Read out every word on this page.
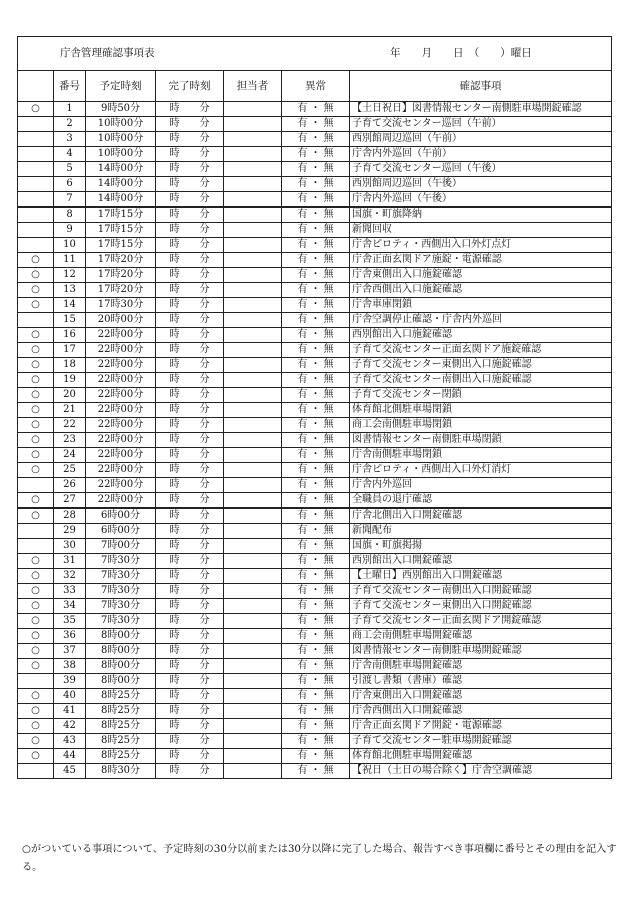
庁舎管理確認事項表 年　　月　　日　（　　）曜日						

	番号	予定時刻	完了時刻	担当者	異常	確認事項
○	1	9時50分	時　　分		有 ・ 無	【土日祝日】図書情報センター南側駐車場開錠確認
	2	10時00分	時　　分		有 ・ 無	子育て交流センター巡回（午前）
	3	10時00分	時　　分		有 ・ 無	西別館周辺巡回（午前）
	4	10時00分	時　　分		有 ・ 無	庁舎内外巡回（午前）
	5	14時00分	時　　分		有 ・ 無	子育て交流センター巡回（午後）
	6	14時00分	時　　分		有 ・ 無	西別館周辺巡回（午後）
	7	14時00分	時　　分		有 ・ 無	庁舎内外巡回（午後）
	8	17時15分	時　　分		有 ・ 無	国旗・町旗降納
	9	17時15分	時　　分		有 ・ 無	新聞回収
	10	17時15分	時　　分		有 ・ 無	庁舎ピロティ・西側出入口外灯点灯
○	11	17時20分	時　　分		有 ・ 無	庁舎正面玄関ドア施錠・電源確認
○	12	17時20分	時　　分		有 ・ 無	庁舎東側出入口施錠確認
○	13	17時20分	時　　分		有 ・ 無	庁舎西側出入口施錠確認
○	14	17時30分	時　　分		有 ・ 無	庁舎車庫閉鎖
	15	20時00分	時　　分		有 ・ 無	庁舎空調停止確認・庁舎内外巡回
○	16	22時00分	時　　分		有 ・ 無	西別館出入口施錠確認
○	17	22時00分	時　　分		有 ・ 無	子育て交流センター正面玄関ドア施錠確認
○	18	22時00分	時　　分		有 ・ 無	子育て交流センター東側出入口施錠確認
○	19	22時00分	時　　分		有 ・ 無	子育て交流センター南側出入口施錠確認
○	20	22時00分	時　　分		有 ・ 無	子育て交流センター閉鎖
○	21	22時00分	時　　分		有 ・ 無	体育館北側駐車場閉鎖
○	22	22時00分	時　　分		有 ・ 無	商工会南側駐車場閉鎖
○	23	22時00分	時　　分		有 ・ 無	図書情報センター南側駐車場閉鎖
○	24	22時00分	時　　分		有 ・ 無	庁舎南側駐車場閉鎖
○	25	22時00分	時　　分		有 ・ 無	庁舎ピロティ・西側出入口外灯消灯
	26	22時00分	時　　分		有 ・ 無	庁舎内外巡回
○	27	22時00分	時　　分		有 ・ 無	全職員の退庁確認
○	28	6時00分	時　　分		有 ・ 無	庁舎北側出入口開錠確認
	29	6時00分	時　　分		有 ・ 無	新聞配布
	30	7時00分	時　　分		有 ・ 無	国旗・町旗掲揚
○	31	7時30分	時　　分		有 ・ 無	西別館出入口開錠確認
○	32	7時30分	時　　分		有 ・ 無	【土曜日】西別館出入口開錠確認
○	33	7時30分	時　　分		有 ・ 無	子育て交流センター南側出入口開錠確認
○	34	7時30分	時　　分		有 ・ 無	子育て交流センター東側出入口開錠確認
○	35	7時30分	時　　分		有 ・ 無	子育て交流センター正面玄関ドア開錠確認
○	36	8時00分	時　　分		有 ・ 無	商工会南側駐車場開錠確認
○	37	8時00分	時　　分		有 ・ 無	図書情報センター南側駐車場開錠確認
○	38	8時00分	時　　分		有 ・ 無	庁舎南側駐車場開錠確認
	39	8時00分	時　　分		有 ・ 無	引渡し書類（書庫）確認
○	40	8時25分	時　　分		有 ・ 無	庁舎東側出入口開錠確認
○	41	8時25分	時　　分		有 ・ 無	庁舎西側出入口開錠確認
○	42	8時25分	時　　分		有 ・ 無	庁舎正面玄関ドア開錠・電源確認
○	43	8時25分	時　　分		有 ・ 無	子育て交流センター駐車場開錠確認
○	44	8時25分	時　　分		有 ・ 無	体育館北側駐車場開錠確認
	45	8時30分	時　　分		有 ・ 無	【祝日（土日の場合除く】庁舎空調確認
○がついている事項について、予定時刻の30分以前または30分以降に完了した場合、報告すべき事項欄に番号とその理由を記入する。
